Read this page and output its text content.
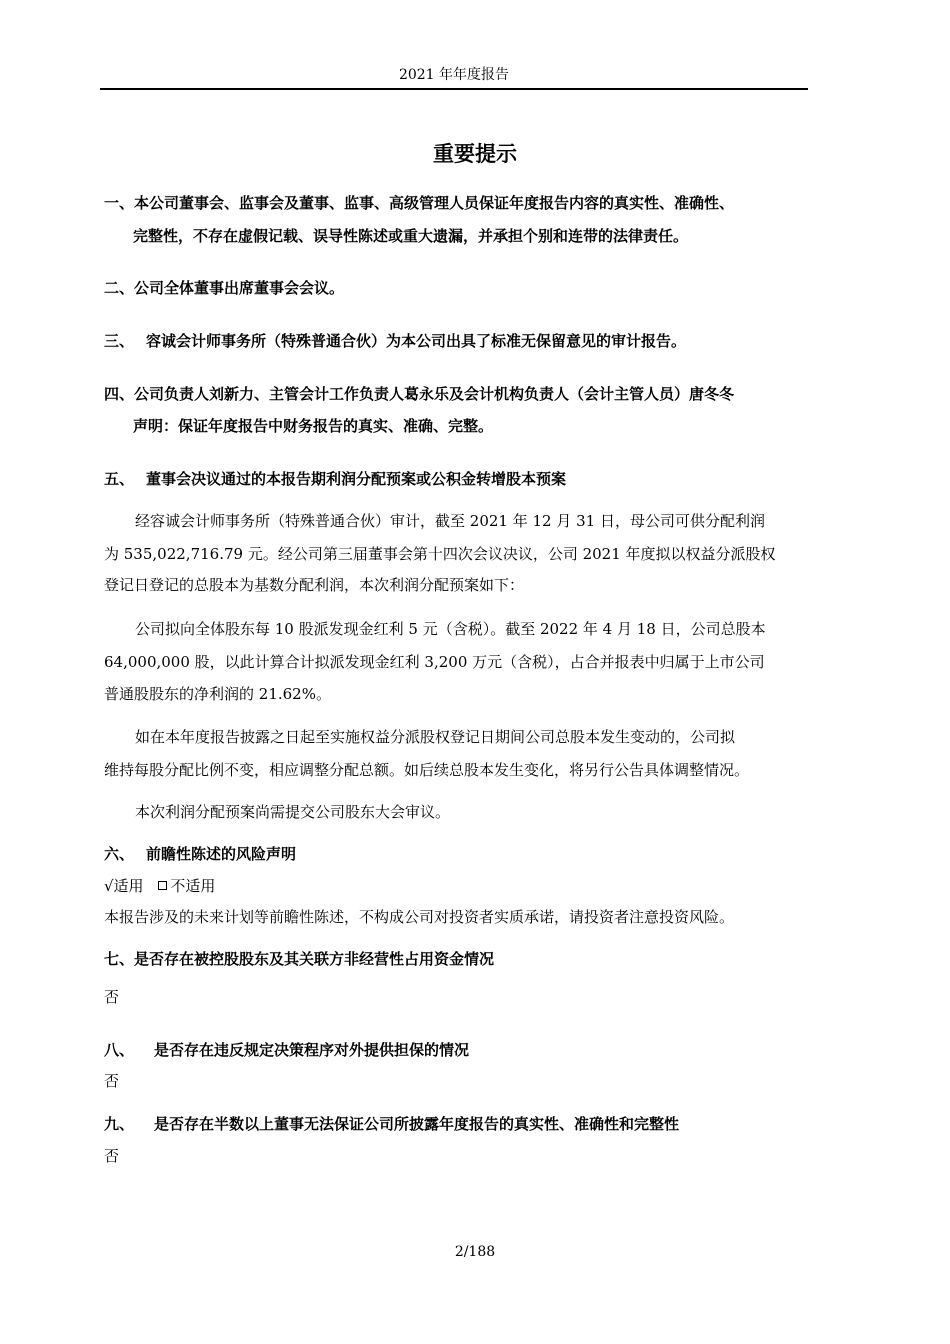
2021 年年度报告
重要提示
一、本公司董事会、监事会及董事、监事、高级管理人员保证年度报告内容的真实性、准确性、
完整性，不存在虚假记载、误导性陈述或重大遗漏，并承担个别和连带的法律责任。
二、公司全体董事出席董事会会议。
三、 容诚会计师事务所（特殊普通合伙）为本公司出具了标准无保留意见的审计报告。
四、公司负责人刘新力、主管会计工作负责人葛永乐及会计机构负责人（会计主管人员）唐冬冬
声明：保证年度报告中财务报告的真实、准确、完整。
五、 董事会决议通过的本报告期利润分配预案或公积金转增股本预案
经容诚会计师事务所（特殊普通合伙）审计，截至 2021 年 12 月 31 日，母公司可供分配利润
为 535,022,716.79 元。经公司第三届董事会第十四次会议决议，公司 2021 年度拟以权益分派股权
登记日登记的总股本为基数分配利润，本次利润分配预案如下：
公司拟向全体股东每 10 股派发现金红利 5 元（含税）。截至 2022 年 4 月 18 日，公司总股本
64,000,000 股，以此计算合计拟派发现金红利 3,200 万元（含税），占合并报表中归属于上市公司
普通股股东的净利润的 21.62%。
如在本年度报告披露之日起至实施权益分派股权登记日期间公司总股本发生变动的，公司拟
维持每股分配比例不变，相应调整分配总额。如后续总股本发生变化，将另行公告具体调整情况。
本次利润分配预案尚需提交公司股东大会审议。
六、 前瞻性陈述的风险声明
√适用 不适用
本报告涉及的未来计划等前瞻性陈述，不构成公司对投资者实质承诺，请投资者注意投资风险。
七、是否存在被控股股东及其关联方非经营性占用资金情况
否
八、 是否存在违反规定决策程序对外提供担保的情况
否
九、 是否存在半数以上董事无法保证公司所披露年度报告的真实性、准确性和完整性
否
2/188
